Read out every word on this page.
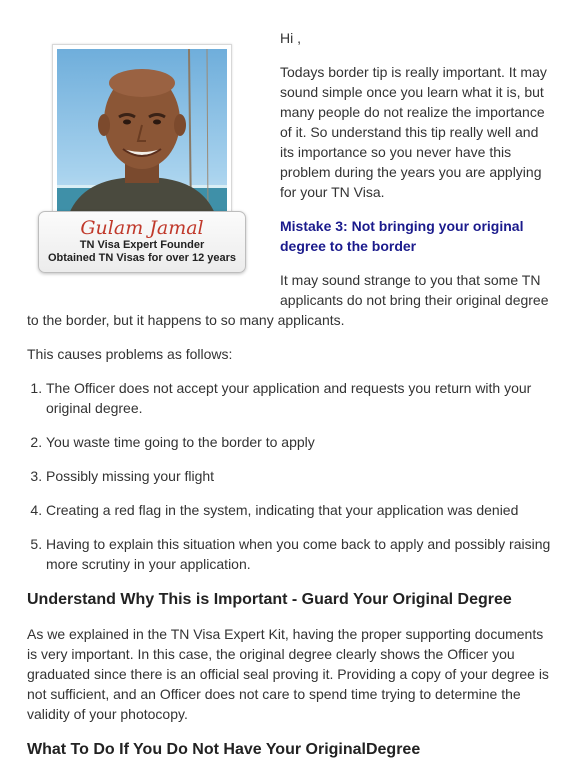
Gulam Jamal
TN Visa Expert Founder
Obtained TN Visas for over 12 years

Hi ,

Todays border tip is really important. It may sound simple once you learn what it is, but many people do not realize the importance of it. So understand this tip really well and its importance so you never have this problem during the years you are applying for your TN Visa.

Mistake 3: Not bringing your original degree to the border

It may sound strange to you that some TN applicants do not bring their original degree

to the border, but it happens to so many applicants.

This causes problems as follows:

1. The Officer does not accept your application and requests you return with your original degree.
2. You waste time going to the border to apply
3. Possibly missing your flight
4. Creating a red flag in the system, indicating that your application was denied
5. Having to explain this situation when you come back to apply and possibly raising more scrutiny in your application.
Understand Why This is Important - Guard Your Original Degree

As we explained in the TN Visa Expert Kit, having the proper supporting documents is very important. In this case, the original degree clearly shows the Officer you graduated since there is an official seal proving it. Providing a copy of your degree is not sufficient, and an Officer does not care to spend time trying to determine the validity of your photocopy.

What To Do If You Do Not Have Your OriginalDegree
